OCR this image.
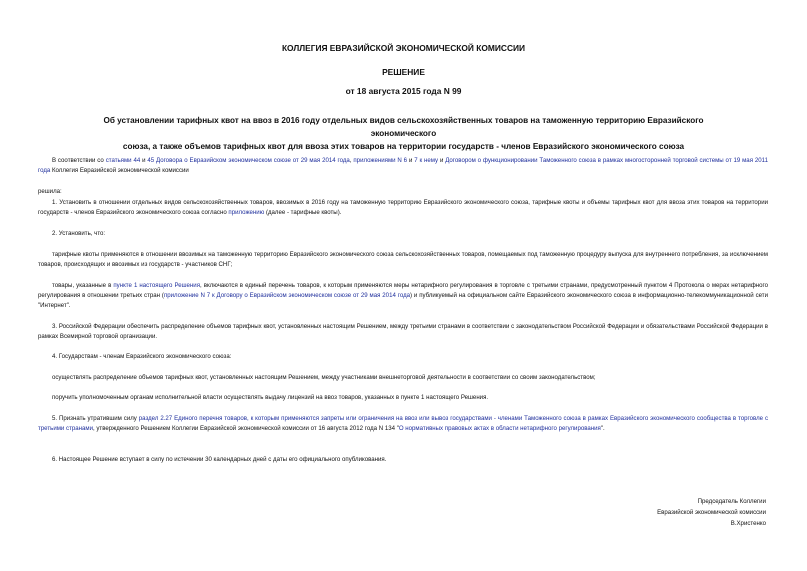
КОЛЛЕГИЯ ЕВРАЗИЙСКОЙ ЭКОНОМИЧЕСКОЙ КОМИССИИ
РЕШЕНИЕ
от 18 августа 2015 года N 99
Об установлении тарифных квот на ввоз в 2016 году отдельных видов сельскохозяйственных товаров на таможенную территорию Евразийского экономического
союза, а также объемов тарифных квот для ввоза этих товаров на территории государств - членов Евразийского экономического союза
В соответствии со статьями 44 и 45 Договора о Евразийском экономическом союзе от 29 мая 2014 года, приложениями N 6 и 7 к нему и Договором о функционировании Таможенного союза в рамках многосторонней торговой системы от 19 мая 2011 года Коллегия Евразийской экономической комиссии
решила:
1. Установить в отношении отдельных видов сельскохозяйственных товаров, ввозимых в 2016 году на таможенную территорию Евразийского экономического союза, тарифные квоты и объемы тарифных квот для ввоза этих товаров на территории государств - членов Евразийского экономического союза согласно приложению (далее - тарифные квоты).
2. Установить, что:
тарифные квоты применяются в отношении ввозимых на таможенную территорию Евразийского экономического союза сельскохозяйственных товаров, помещаемых под таможенную процедуру выпуска для внутреннего потребления, за исключением товаров, происходящих и ввозимых из государств - участников СНГ;
товары, указанные в пункте 1 настоящего Решения, включаются в единый перечень товаров, к которым применяются меры нетарифного регулирования в торговле с третьими странами, предусмотренный пунктом 4 Протокола о мерах нетарифного регулирования в отношении третьих стран (приложение N 7 к Договору о Евразийском экономическом союзе от 29 мая 2014 года) и публикуемый на официальном сайте Евразийского экономического союза в информационно-телекоммуникационной сети "Интернет".
3. Российской Федерации обеспечить распределение объемов тарифных квот, установленных настоящим Решением, между третьими странами в соответствии с законодательством Российской Федерации и обязательствами Российской Федерации в рамках Всемирной торговой организации.
4. Государствам - членам Евразийского экономического союза:
осуществлять распределение объемов тарифных квот, установленных настоящим Решением, между участниками внешнеторговой деятельности в соответствии со своим законодательством;
поручить уполномоченным органам исполнительной власти осуществлять выдачу лицензий на ввоз товаров, указанных в пункте 1 настоящего Решения.
5. Признать утратившим силу раздел 2.27 Единого перечня товаров, к которым применяются запреты или ограничения на ввоз или вывоз государствами - членами Таможенного союза в рамках Евразийского экономического сообщества в торговле с третьими странами, утвержденного Решением Коллегии Евразийской экономической комиссии от 16 августа 2012 года N 134 "О нормативных правовых актах в области нетарифного регулирования".
6. Настоящее Решение вступает в силу по истечении 30 календарных дней с даты его официального опубликования.
Председатель Коллегии
Евразийской экономической комиссии
В.Христенко
